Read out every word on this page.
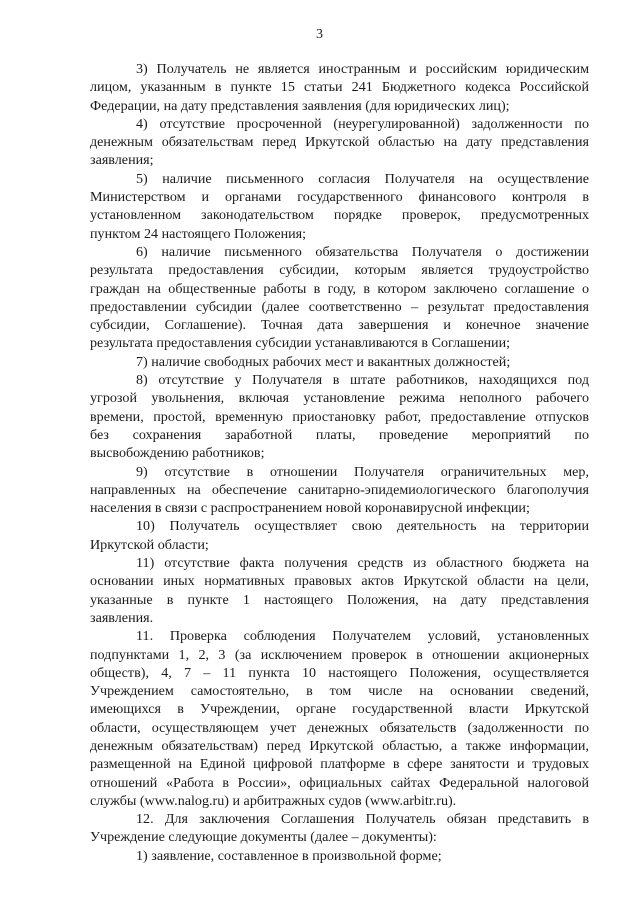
3
3) Получатель не является иностранным и российским юридическим
лицом, указанным в пункте 15 статьи 241 Бюджетного кодекса Российской
Федерации, на дату представления заявления (для юридических лиц);
4) отсутствие просроченной (неурегулированной) задолженности по
денежным обязательствам перед Иркутской областью на дату представления
заявления;
5) наличие письменного согласия Получателя на осуществление
Министерством и органами государственного финансового контроля в
установленном законодательством порядке проверок, предусмотренных
пунктом 24 настоящего Положения;
6) наличие письменного обязательства Получателя о достижении
результата предоставления субсидии, которым является трудоустройство
граждан на общественные работы в году, в котором заключено соглашение о
предоставлении субсидии (далее соответственно – результат предоставления
субсидии, Соглашение). Точная дата завершения и конечное значение
результата предоставления субсидии устанавливаются в Соглашении;
7) наличие свободных рабочих мест и вакантных должностей;
8) отсутствие у Получателя в штате работников, находящихся под
угрозой увольнения, включая установление режима неполного рабочего
времени, простой, временную приостановку работ, предоставление отпусков
без сохранения заработной платы, проведение мероприятий по
высвобождению работников;
9) отсутствие в отношении Получателя ограничительных мер,
направленных на обеспечение санитарно-эпидемиологического благополучия
населения в связи с распространением новой коронавирусной инфекции;
10) Получатель осуществляет свою деятельность на территории
Иркутской области;
11) отсутствие факта получения средств из областного бюджета на
основании иных нормативных правовых актов Иркутской области на цели,
указанные в пункте 1 настоящего Положения, на дату представления
заявления.
11. Проверка соблюдения Получателем условий, установленных
подпунктами 1, 2, 3 (за исключением проверок в отношении акционерных
обществ), 4, 7 – 11 пункта 10 настоящего Положения, осуществляется
Учреждением самостоятельно, в том числе на основании сведений,
имеющихся в Учреждении, органе государственной власти Иркутской
области, осуществляющем учет денежных обязательств (задолженности по
денежным обязательствам) перед Иркутской областью, а также информации,
размещенной на Единой цифровой платформе в сфере занятости и трудовых
отношений «Работа в России», официальных сайтах Федеральной налоговой
службы (www.nalog.ru) и арбитражных судов (www.arbitr.ru).
12. Для заключения Соглашения Получатель обязан представить в
Учреждение следующие документы (далее – документы):
1) заявление, составленное в произвольной форме;
